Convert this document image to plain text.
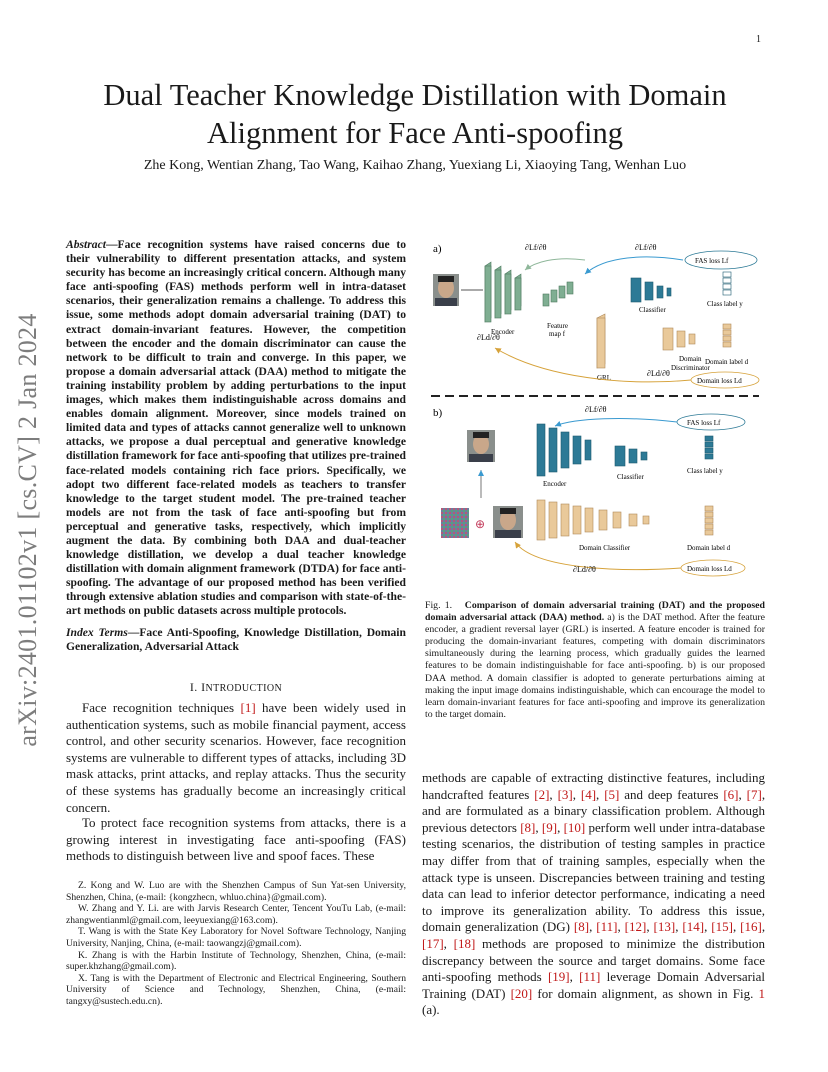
1
arXiv:2401.01102v1 [cs.CV] 2 Jan 2024
Dual Teacher Knowledge Distillation with Domain Alignment for Face Anti-spoofing
Zhe Kong, Wentian Zhang, Tao Wang, Kaihao Zhang, Yuexiang Li, Xiaoying Tang, Wenhan Luo
Abstract—Face recognition systems have raised concerns due to their vulnerability to different presentation attacks, and system security has become an increasingly critical concern. Although many face anti-spoofing (FAS) methods perform well in intra-dataset scenarios, their generalization remains a challenge. To address this issue, some methods adopt domain adversarial training (DAT) to extract domain-invariant features. However, the competition between the encoder and the domain discriminator can cause the network to be difficult to train and converge. In this paper, we propose a domain adversarial attack (DAA) method to mitigate the training instability problem by adding perturbations to the input images, which makes them indistinguishable across domains and enables domain alignment. Moreover, since models trained on limited data and types of attacks cannot generalize well to unknown attacks, we propose a dual perceptual and generative knowledge distillation framework for face anti-spoofing that utilizes pre-trained face-related models containing rich face priors. Specifically, we adopt two different face-related models as teachers to transfer knowledge to the target student model. The pre-trained teacher models are not from the task of face anti-spoofing but from perceptual and generative tasks, respectively, which implicitly augment the data. By combining both DAA and dual-teacher knowledge distillation, we develop a dual teacher knowledge distillation with domain alignment framework (DTDA) for face anti-spoofing. The advantage of our proposed method has been verified through extensive ablation studies and comparison with state-of-the-art methods on public datasets across multiple protocols.
Index Terms—Face Anti-Spoofing, Knowledge Distillation, Domain Generalization, Adversarial Attack
I. INTRODUCTION
Face recognition techniques [1] have been widely used in authentication systems, such as mobile financial payment, access control, and other security scenarios. However, face recognition systems are vulnerable to different types of attacks, including 3D mask attacks, print attacks, and replay attacks. Thus the security of these systems has gradually become an increasingly critical concern.
To protect face recognition systems from attacks, there is a growing interest in investigating face anti-spoofing (FAS) methods to distinguish between live and spoof faces. These

Z. Kong and W. Luo are with the Shenzhen Campus of Sun Yat-sen University, Shenzhen, China, (e-mail: {kongzhecn, whluo.china}@gmail.com).

W. Zhang and Y. Li. are with Jarvis Research Center, Tencent YouTu Lab, (e-mail: zhangwentianml@gmail.com, leeyuexiang@163.com).

T. Wang is with the State Key Laboratory for Novel Software Technology, Nanjing University, Nanjing, China, (e-mail: taowangzj@gmail.com).

K. Zhang is with the Harbin Institute of Technology, Shenzhen, China, (e-mail: super.khzhang@gmail.com).

X. Tang is with the Department of Electronic and Electrical Engineering, Southern University of Science and Technology, Shenzhen, China, (e-mail: tangxy@sustech.edu.cn).

a)
Encoder
Feature
map f
Classifier
Class label y
FAS loss Lf
∂Lf/∂θ
∂Lf/∂θ
GRL
Domain
Discriminator
Domain label d
Domain loss Ld
∂Ld/∂θ
∂Ld/∂θ
b)
⊕
Encoder
Classifier
Class label y
FAS loss Lf
∂Lf/∂θ
Domain Classifier	Domain label d
Domain loss Ld
∂Ld/∂θ
Fig. 1. Comparison of domain adversarial training (DAT) and the proposed domain adversarial attack (DAA) method. a) is the DAT method. After the feature encoder, a gradient reversal layer (GRL) is inserted. A feature encoder is trained for producing the domain-invariant features, competing with domain discriminators simultaneously during the learning process, which gradually guides the learned features to be domain indistinguishable for face anti-spoofing. b) is our proposed DAA method. A domain classifier is adopted to generate perturbations aiming at making the input image domains indistinguishable, which can encourage the model to learn domain-invariant features for face anti-spoofing and improve its generalization to the target domain.
methods are capable of extracting distinctive features, including handcrafted features [2], [3], [4], [5] and deep features [6], [7], and are formulated as a binary classification problem. Although previous detectors [8], [9], [10] perform well under intra-database testing scenarios, the distribution of testing samples in practice may differ from that of training samples, especially when the attack type is unseen. Discrepancies between training and testing data can lead to inferior detector performance, indicating a need to improve its generalization ability. To address this issue, domain generalization (DG) [8], [11], [12], [13], [14], [15], [16], [17], [18] methods are proposed to minimize the distribution discrepancy between the source and target domains. Some face anti-spoofing methods [19], [11] leverage Domain Adversarial Training (DAT) [20] for domain alignment, as shown in Fig. 1 (a).
